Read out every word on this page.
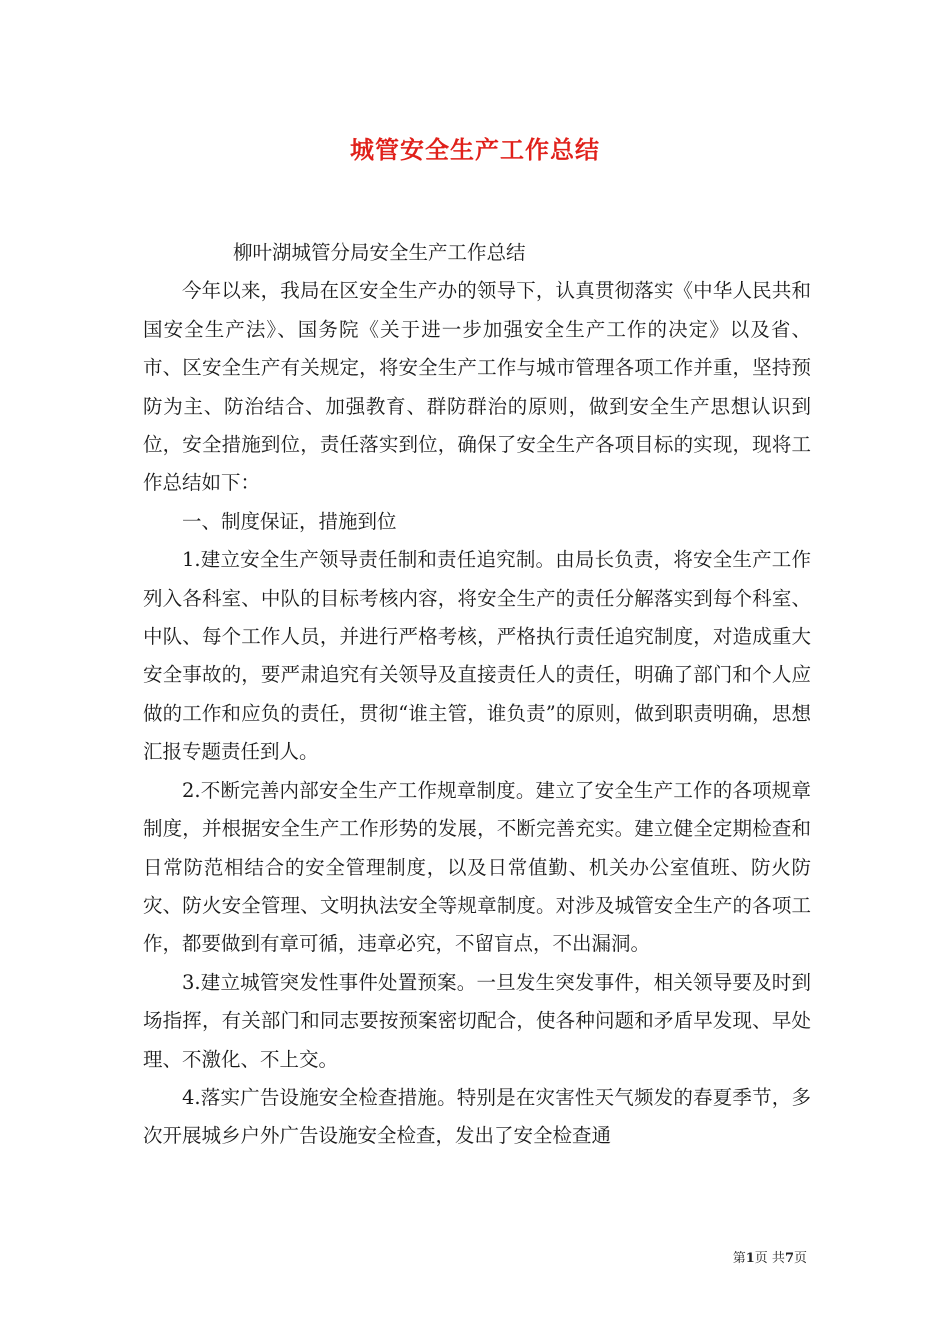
城管安全生产工作总结

柳叶湖城管分局安全生产工作总结

今年以来，我局在区安全生产办的领导下，认真贯彻落实《中华人民共和国安全生产法》、国务院《关于进一步加强安全生产工作的决定》以及省、市、区安全生产有关规定，将安全生产工作与城市管理各项工作并重，坚持预防为主、防治结合、加强教育、群防群治的原则，做到安全生产思想认识到位，安全措施到位，责任落实到位，确保了安全生产各项目标的实现，现将工作总结如下：

一、制度保证，措施到位

1.建立安全生产领导责任制和责任追究制。由局长负责，将安全生产工作列入各科室、中队的目标考核内容，将安全生产的责任分解落实到每个科室、中队、每个工作人员，并进行严格考核，严格执行责任追究制度，对造成重大安全事故的，要严肃追究有关领导及直接责任人的责任，明确了部门和个人应做的工作和应负的责任，贯彻“谁主管，谁负责”的原则，做到职责明确，思想汇报专题责任到人。

2.不断完善内部安全生产工作规章制度。建立了安全生产工作的各项规章制度，并根据安全生产工作形势的发展，不断完善充实。建立健全定期检查和日常防范相结合的安全管理制度，以及日常值勤、机关办公室值班、防火防灾、防火安全管理、文明执法安全等规章制度。对涉及城管安全生产的各项工作，都要做到有章可循，违章必究，不留盲点，不出漏洞。

3.建立城管突发性事件处置预案。一旦发生突发事件，相关领导要及时到场指挥，有关部门和同志要按预案密切配合，使各种问题和矛盾早发现、早处理、不激化、不上交。

4.落实广告设施安全检查措施。特别是在灾害性天气频发的春夏季节，多次开展城乡户外广告设施安全检查，发出了安全检查通

第1页 共7页
